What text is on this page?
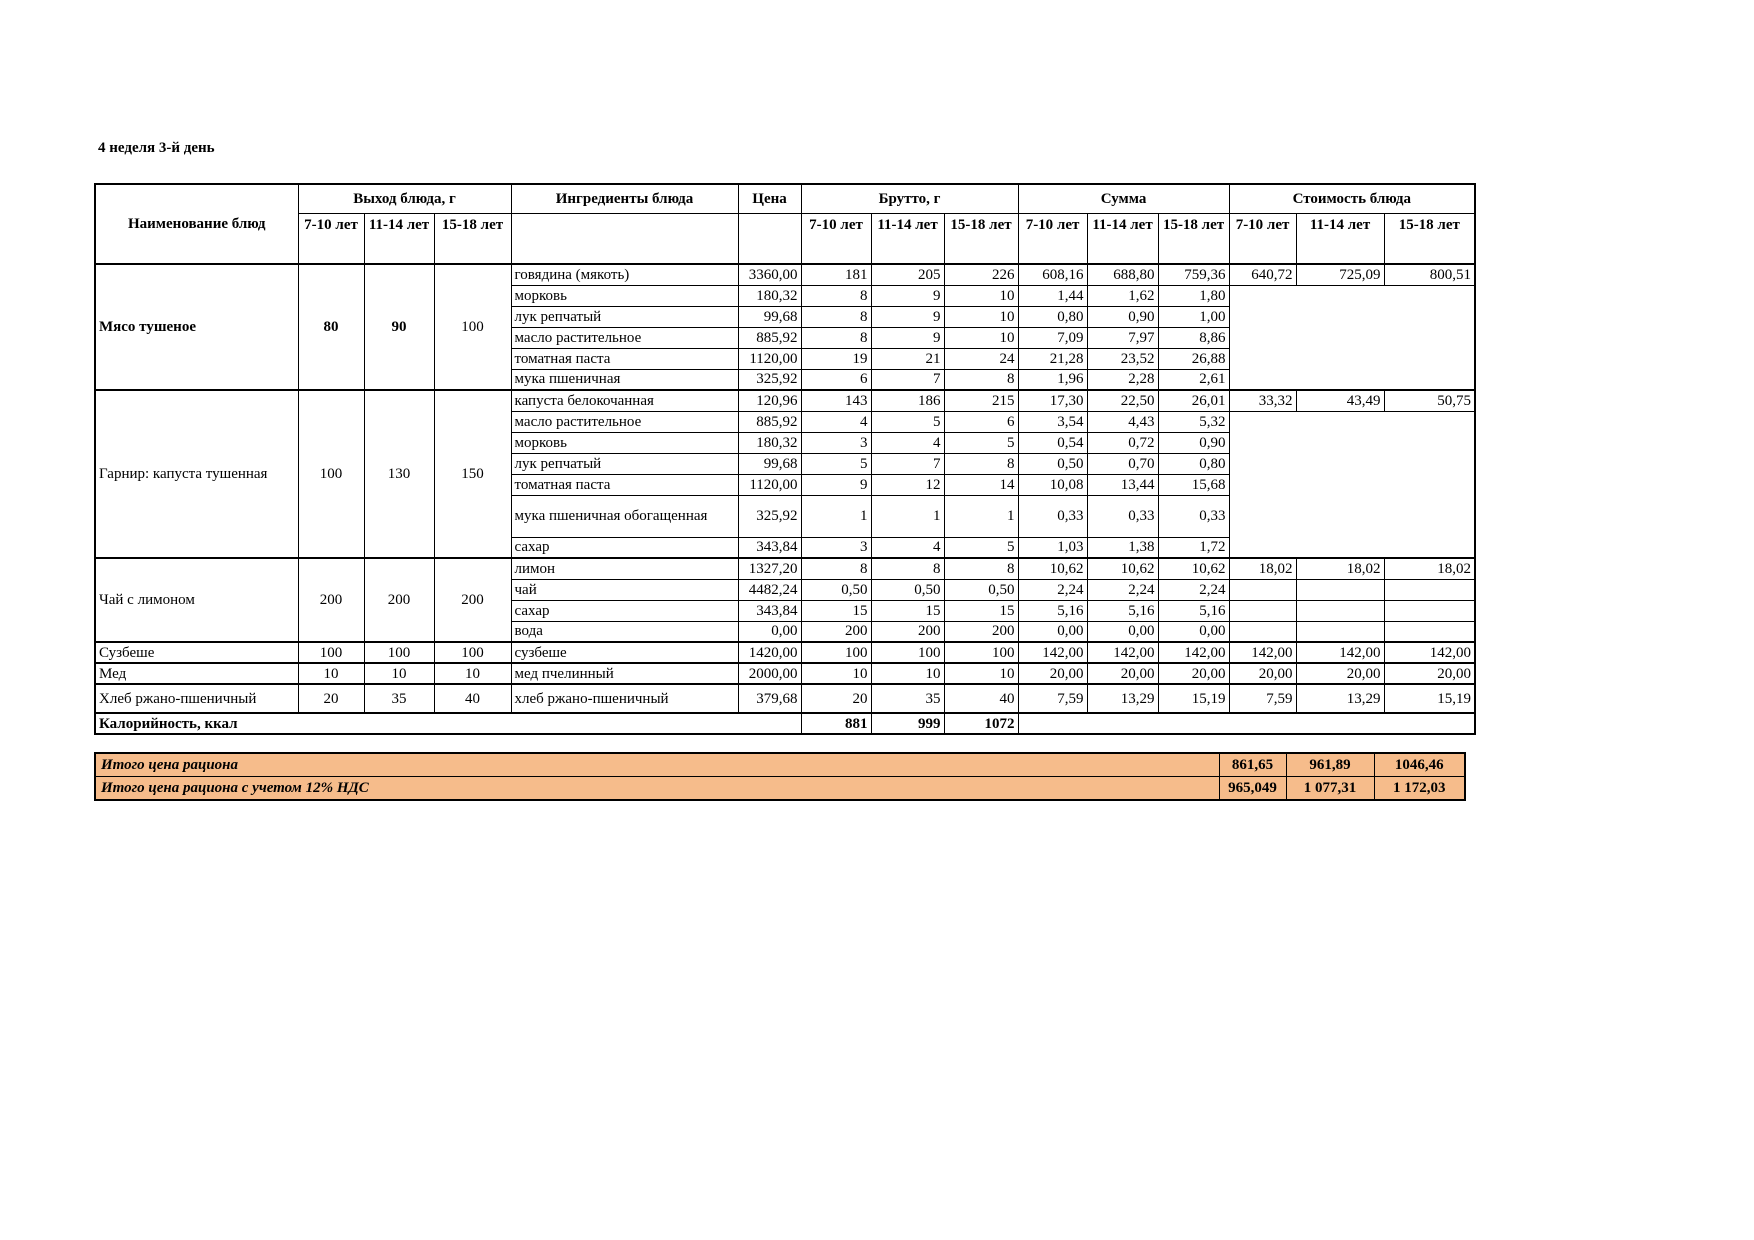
4 неделя 3-й день
Наименование блюд	Выход блюда, г			Ингредиенты блюда	Цена	Брутто, г			Сумма			Стоимость блюда		
	7-10 лет	11-14 лет	15-18 лет			7-10 лет	11-14 лет	15-18 лет	7-10 лет	11-14 лет	15-18 лет	7-10 лет	11-14 лет	15-18 лет
Мясо тушеное	80	90	100	говядина (мякоть)	3360,00	181	205	226	608,16	688,80	759,36	640,72	725,09	800,51
				морковь	180,32	8	9	10	1,44	1,62	1,80			
				лук репчатый	99,68	8	9	10	0,80	0,90	1,00			
				масло растительное	885,92	8	9	10	7,09	7,97	8,86			
				томатная паста	1120,00	19	21	24	21,28	23,52	26,88			
				мука пшеничная	325,92	6	7	8	1,96	2,28	2,61			
Гарнир: капуста тушенная	100	130	150	капуста белокочанная	120,96	143	186	215	17,30	22,50	26,01	33,32	43,49	50,75
				масло растительное	885,92	4	5	6	3,54	4,43	5,32			
				морковь	180,32	3	4	5	0,54	0,72	0,90			
				лук репчатый	99,68	5	7	8	0,50	0,70	0,80			
				томатная паста	1120,00	9	12	14	10,08	13,44	15,68			
				мука пшеничная обогащенная	325,92	1	1	1	0,33	0,33	0,33			
				сахар	343,84	3	4	5	1,03	1,38	1,72			
Чай с лимоном	200	200	200	лимон	1327,20	8	8	8	10,62	10,62	10,62	18,02	18,02	18,02
				чай	4482,24	0,50	0,50	0,50	2,24	2,24	2,24			
				сахар	343,84	15	15	15	5,16	5,16	5,16			
				вода	0,00	200	200	200	0,00	0,00	0,00			
Сузбеше	100	100	100	сузбеше	1420,00	100	100	100	142,00	142,00	142,00	142,00	142,00	142,00
Мед	10	10	10	мед пчелинный	2000,00	10	10	10	20,00	20,00	20,00	20,00	20,00	20,00
Хлеб ржано-пшеничный	20	35	40	хлеб ржано-пшеничный	379,68	20	35	40	7,59	13,29	15,19	7,59	13,29	15,19
Калорийность, ккал						881	999	1072						
Итого цена рациона	861,65	961,89	1046,46
Итого цена рациона с учетом 12% НДС	965,049	1 077,31	1 172,03
